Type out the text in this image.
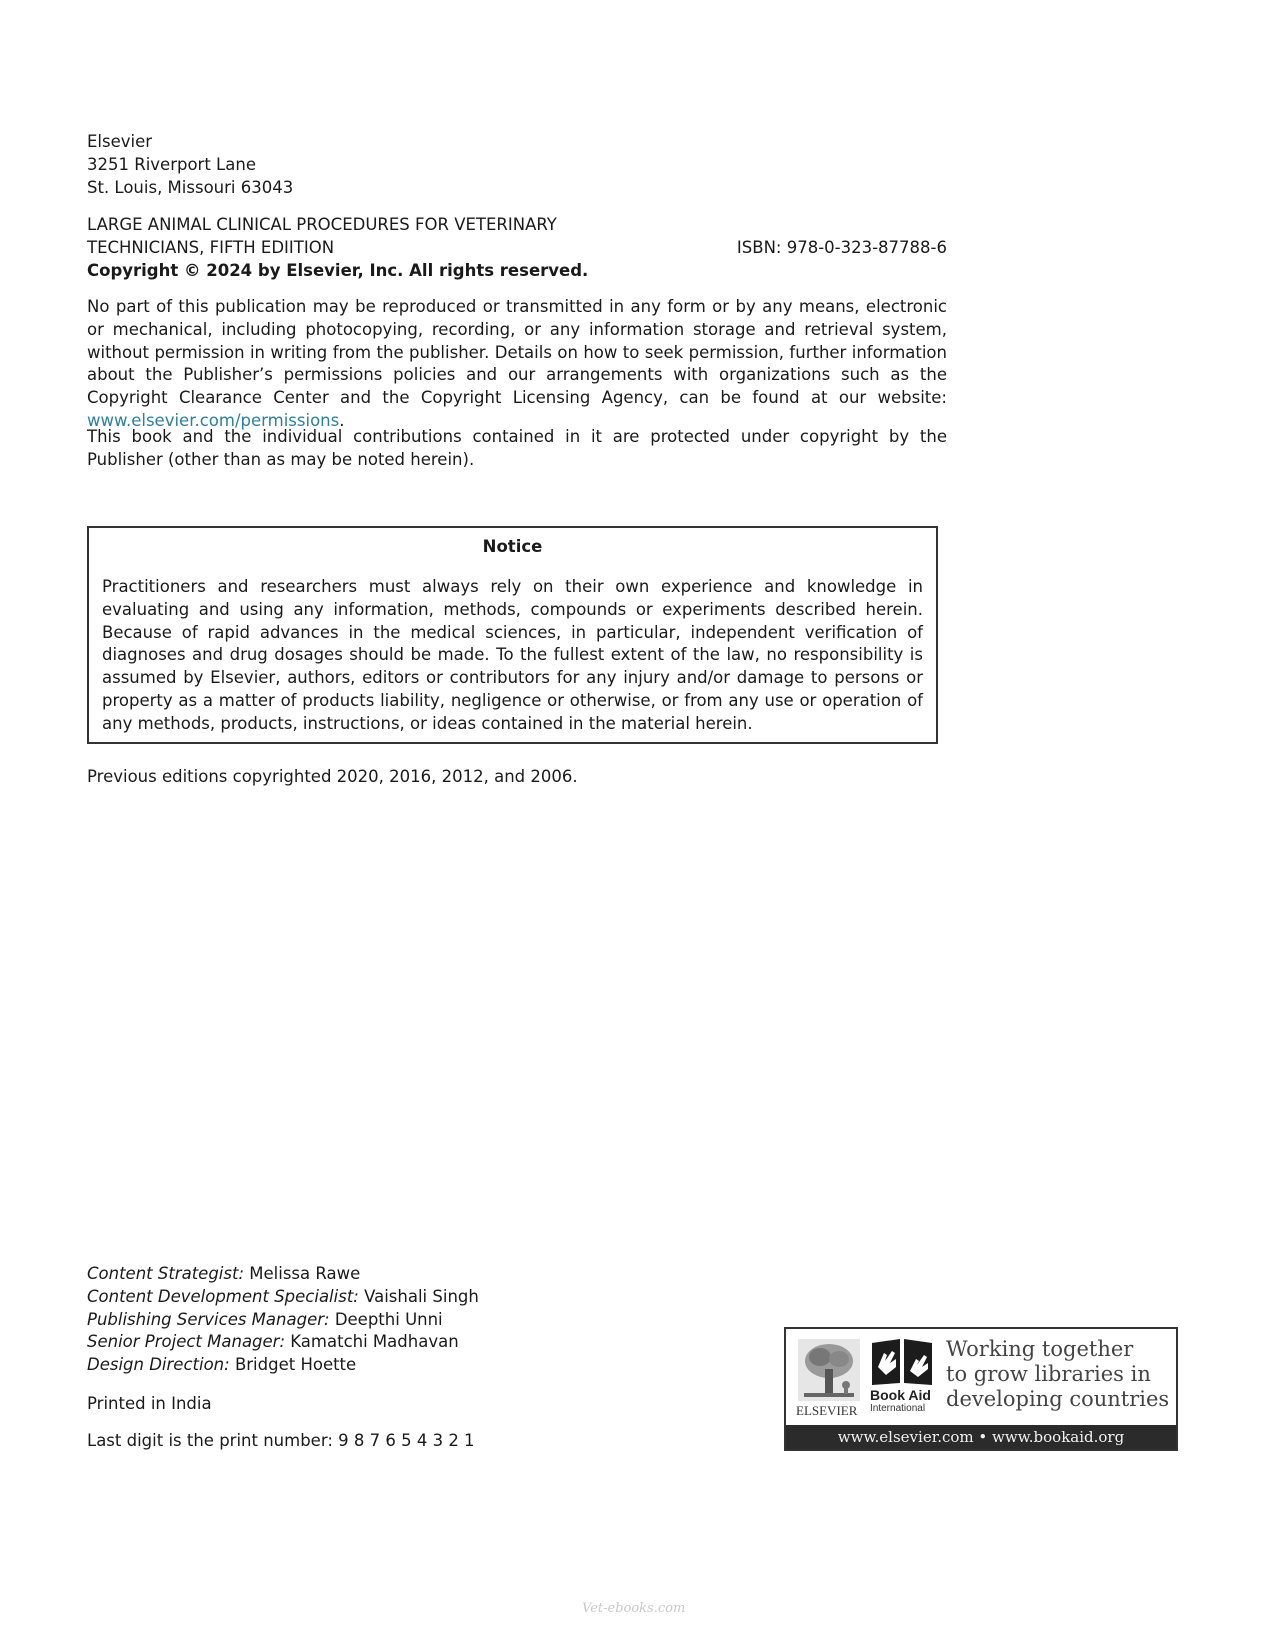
Elsevier
3251 Riverport Lane
St. Louis, Missouri 63043
LARGE ANIMAL CLINICAL PROCEDURES FOR VETERINARY
TECHNICIANS, FIFTH EDIITION	ISBN: 978-0-323-87788-6
Copyright © 2024 by Elsevier, Inc. All rights reserved.
No part of this publication may be reproduced or transmitted in any form or by any means, electronic or mechanical, including photocopying, recording, or any information storage and retrieval system, without permission in writing from the publisher. Details on how to seek permission, further information about the Publisher’s permissions policies and our arrangements with organizations such as the Copyright Clearance Center and the Copyright Licensing Agency, can be found at our website: www.elsevier.com/permissions.
This book and the individual contributions contained in it are protected under copyright by the Publisher (other than as may be noted herein).
Notice
Practitioners and researchers must always rely on their own experience and knowledge in evaluating and using any information, methods, compounds or experiments described herein. Because of rapid advances in the medical sciences, in particular, independent verification of diagnoses and drug dosages should be made. To the fullest extent of the law, no responsibility is assumed by Elsevier, authors, editors or contributors for any injury and/or damage to persons or property as a matter of products liability, negligence or otherwise, or from any use or operation of any methods, products, instructions, or ideas contained in the material herein.
Previous editions copyrighted 2020, 2016, 2012, and 2006.
Content Strategist: Melissa Rawe
Content Development Specialist: Vaishali Singh
Publishing Services Manager: Deepthi Unni
Senior Project Manager: Kamatchi Madhavan
Design Direction: Bridget Hoette
Printed in India
Last digit is the print number: 9 8 7 6 5 4 3 2 1
ELSEVIER
Book Aid
International
Working together
to grow libraries in
developing countries
www.elsevier.com • www.bookaid.org
Vet-ebooks.com
